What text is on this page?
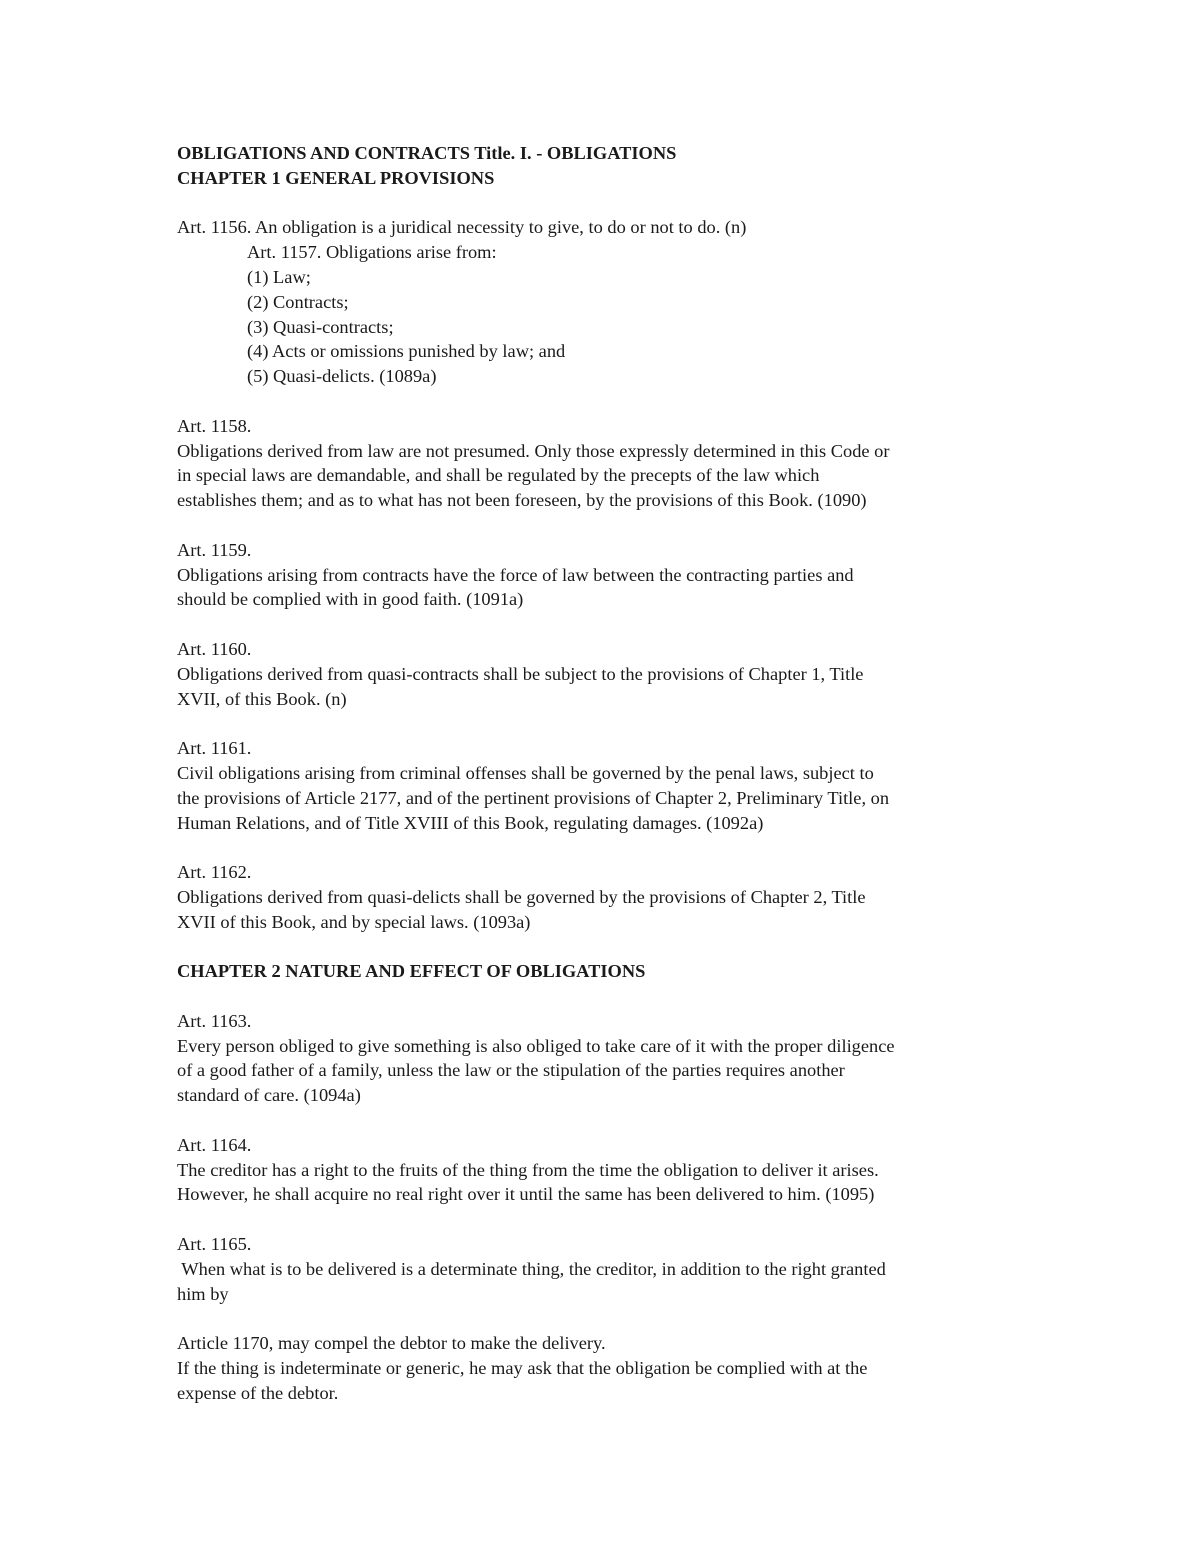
OBLIGATIONS AND CONTRACTS Title. I. - OBLIGATIONS

CHAPTER 1 GENERAL PROVISIONS

Art. 1156. An obligation is a juridical necessity to give, to do or not to do. (n)

Art. 1157. Obligations arise from:

(1) Law;

(2) Contracts;

(3) Quasi-contracts;

(4) Acts or omissions punished by law; and

(5) Quasi-delicts. (1089a)

Art. 1158.

Obligations derived from law are not presumed. Only those expressly determined in this Code or

in special laws are demandable, and shall be regulated by the precepts of the law which

establishes them; and as to what has not been foreseen, by the provisions of this Book. (1090)

Art. 1159.

Obligations arising from contracts have the force of law between the contracting parties and

should be complied with in good faith. (1091a)

Art. 1160.

Obligations derived from quasi-contracts shall be subject to the provisions of Chapter 1, Title

XVII, of this Book. (n)

Art. 1161.

Civil obligations arising from criminal offenses shall be governed by the penal laws, subject to

the provisions of Article 2177, and of the pertinent provisions of Chapter 2, Preliminary Title, on

Human Relations, and of Title XVIII of this Book, regulating damages. (1092a)

Art. 1162.

Obligations derived from quasi-delicts shall be governed by the provisions of Chapter 2, Title

XVII of this Book, and by special laws. (1093a)

CHAPTER 2 NATURE AND EFFECT OF OBLIGATIONS

Art. 1163.

Every person obliged to give something is also obliged to take care of it with the proper diligence

of a good father of a family, unless the law or the stipulation of the parties requires another

standard of care. (1094a)

Art. 1164.

The creditor has a right to the fruits of the thing from the time the obligation to deliver it arises.

However, he shall acquire no real right over it until the same has been delivered to him. (1095)

Art. 1165.

When what is to be delivered is a determinate thing, the creditor, in addition to the right granted

him by

Article 1170, may compel the debtor to make the delivery.

If the thing is indeterminate or generic, he may ask that the obligation be complied with at the

expense of the debtor.
